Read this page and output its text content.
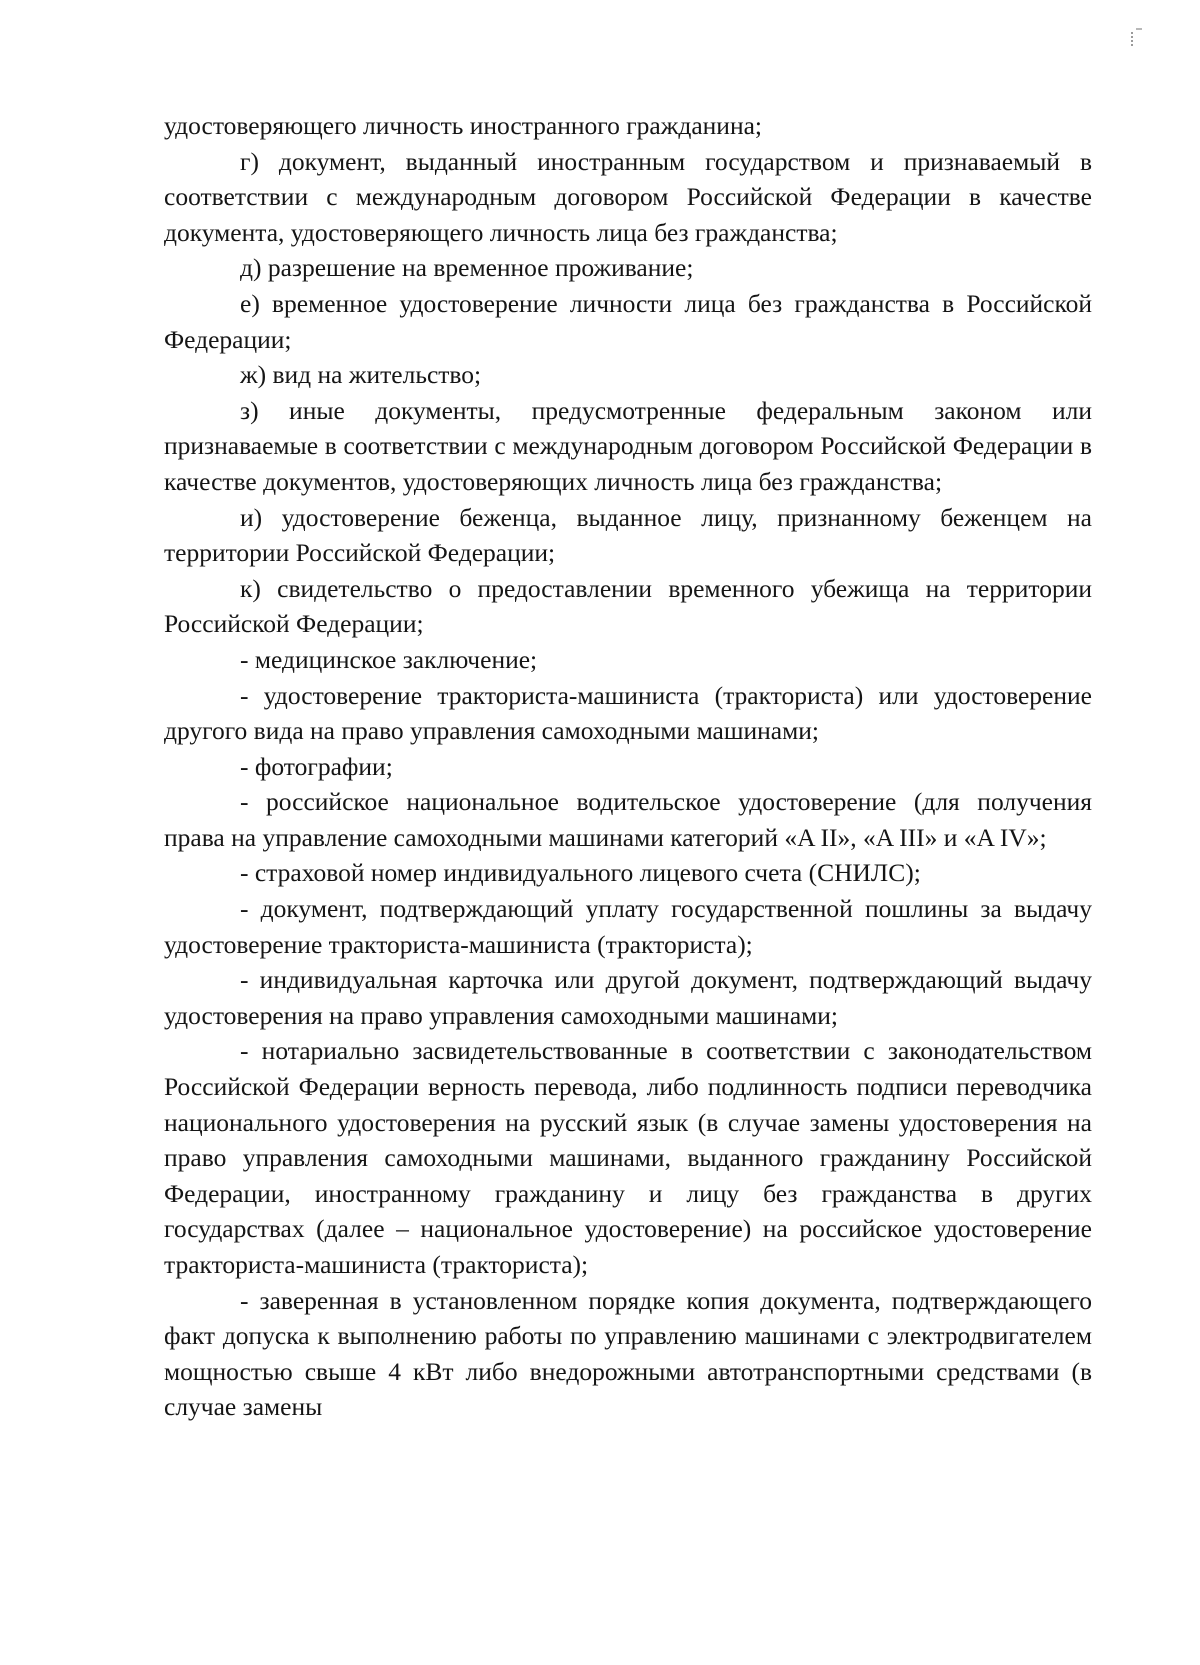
удостоверяющего личность иностранного гражданина;

г) документ, выданный иностранным государством и признаваемый в соответствии с международным договором Российской Федерации в качестве документа, удостоверяющего личность лица без гражданства;

д) разрешение на временное проживание;

е) временное удостоверение личности лица без гражданства в Российской Федерации;

ж) вид на жительство;

з) иные документы, предусмотренные федеральным законом или признаваемые в соответствии с международным договором Российской Федерации в качестве документов, удостоверяющих личность лица без гражданства;

и) удостоверение беженца, выданное лицу, признанному беженцем на территории Российской Федерации;

к) свидетельство о предоставлении временного убежища на территории Российской Федерации;

- медицинское заключение;

- удостоверение тракториста-машиниста (тракториста) или удостоверение другого вида на право управления самоходными машинами;

- фотографии;

- российское национальное водительское удостоверение (для получения права на управление самоходными машинами категорий «A II», «A III» и «A IV»;

- страховой номер индивидуального лицевого счета (СНИЛС);

- документ, подтверждающий уплату государственной пошлины за выдачу удостоверение тракториста-машиниста (тракториста);

- индивидуальная карточка или другой документ, подтверждающий выдачу удостоверения на право управления самоходными машинами;

- нотариально засвидетельствованные в соответствии с законодательством Российской Федерации верность перевода, либо подлинность подписи переводчика национального удостоверения на русский язык (в случае замены удостоверения на право управления самоходными машинами, выданного гражданину Российской Федерации, иностранному гражданину и лицу без гражданства в других государствах (далее – национальное удостоверение) на российское удостоверение тракториста-машиниста (тракториста);

- заверенная в установленном порядке копия документа, подтверждающего факт допуска к выполнению работы по управлению машинами с электродвигателем мощностью свыше 4 кВт либо внедорожными автотранспортными средствами (в случае замены
